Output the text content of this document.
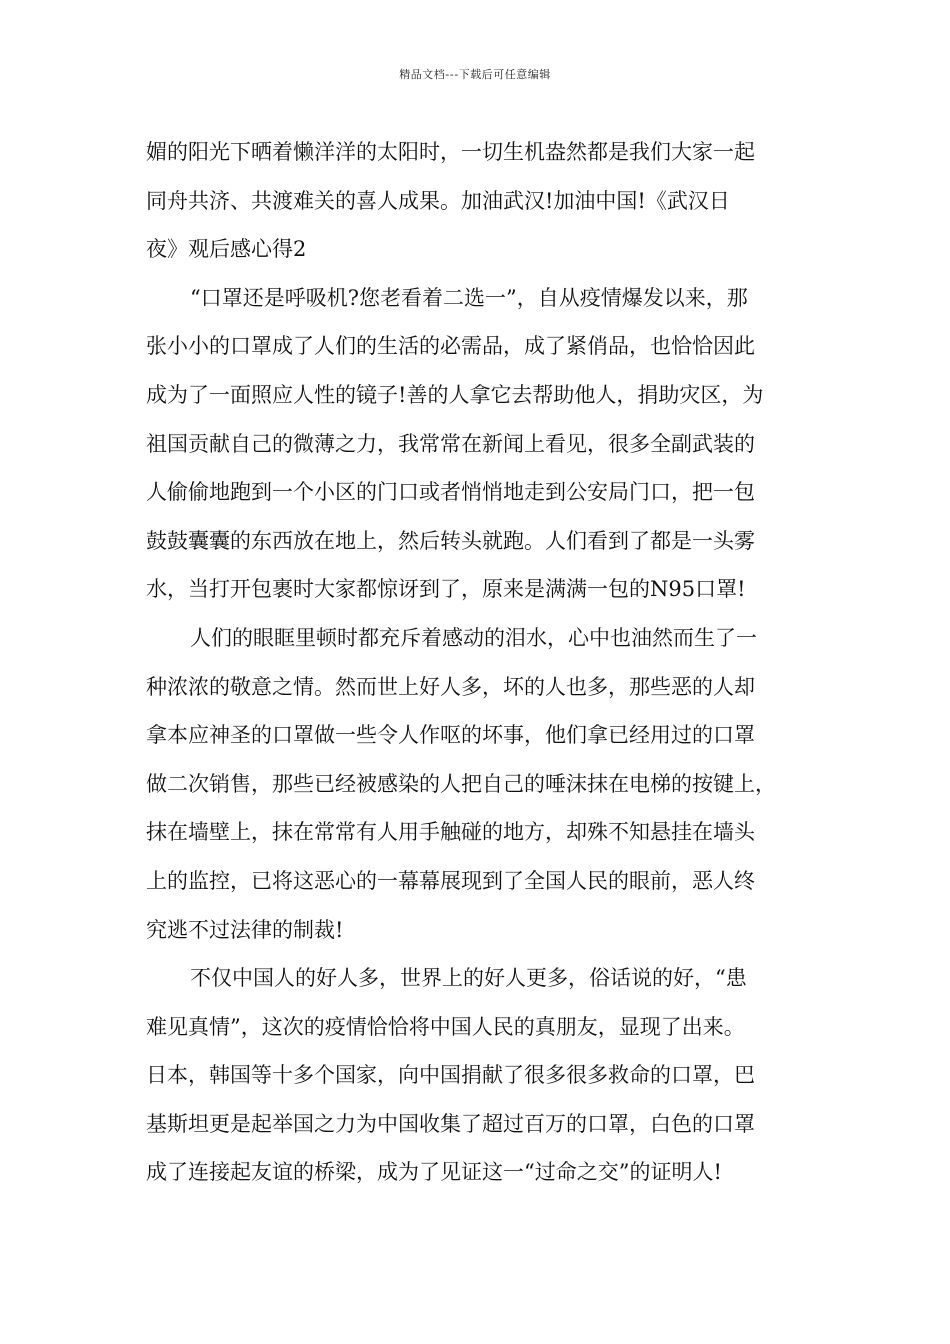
精品文档---下载后可任意编辑
媚的阳光下晒着懒洋洋的太阳时，一切生机盎然都是我们大家一起
同舟共济、共渡难关的喜人成果。加油武汉!加油中国!《武汉日
夜》观后感心得2
“口罩还是呼吸机?您老看着二选一”，自从疫情爆发以来，那
张小小的口罩成了人们的生活的必需品，成了紧俏品，也恰恰因此
成为了一面照应人性的镜子!善的人拿它去帮助他人，捐助灾区，为
祖国贡献自己的微薄之力，我常常在新闻上看见，很多全副武装的
人偷偷地跑到一个小区的门口或者悄悄地走到公安局门口，把一包
鼓鼓囊囊的东西放在地上，然后转头就跑。人们看到了都是一头雾
水，当打开包裹时大家都惊讶到了，原来是满满一包的N95口罩!
人们的眼眶里顿时都充斥着感动的泪水，心中也油然而生了一
种浓浓的敬意之情。然而世上好人多，坏的人也多，那些恶的人却
拿本应神圣的口罩做一些令人作呕的坏事，他们拿已经用过的口罩
做二次销售，那些已经被感染的人把自己的唾沫抹在电梯的按键上，
抹在墙壁上，抹在常常有人用手触碰的地方，却殊不知悬挂在墙头
上的监控，已将这恶心的一幕幕展现到了全国人民的眼前，恶人终
究逃不过法律的制裁!
不仅中国人的好人多，世界上的好人更多，俗话说的好，“患
难见真情”，这次的疫情恰恰将中国人民的真朋友，显现了出来。
日本，韩国等十多个国家，向中国捐献了很多很多救命的口罩，巴
基斯坦更是起举国之力为中国收集了超过百万的口罩，白色的口罩
成了连接起友谊的桥梁，成为了见证这一“过命之交”的证明人!
